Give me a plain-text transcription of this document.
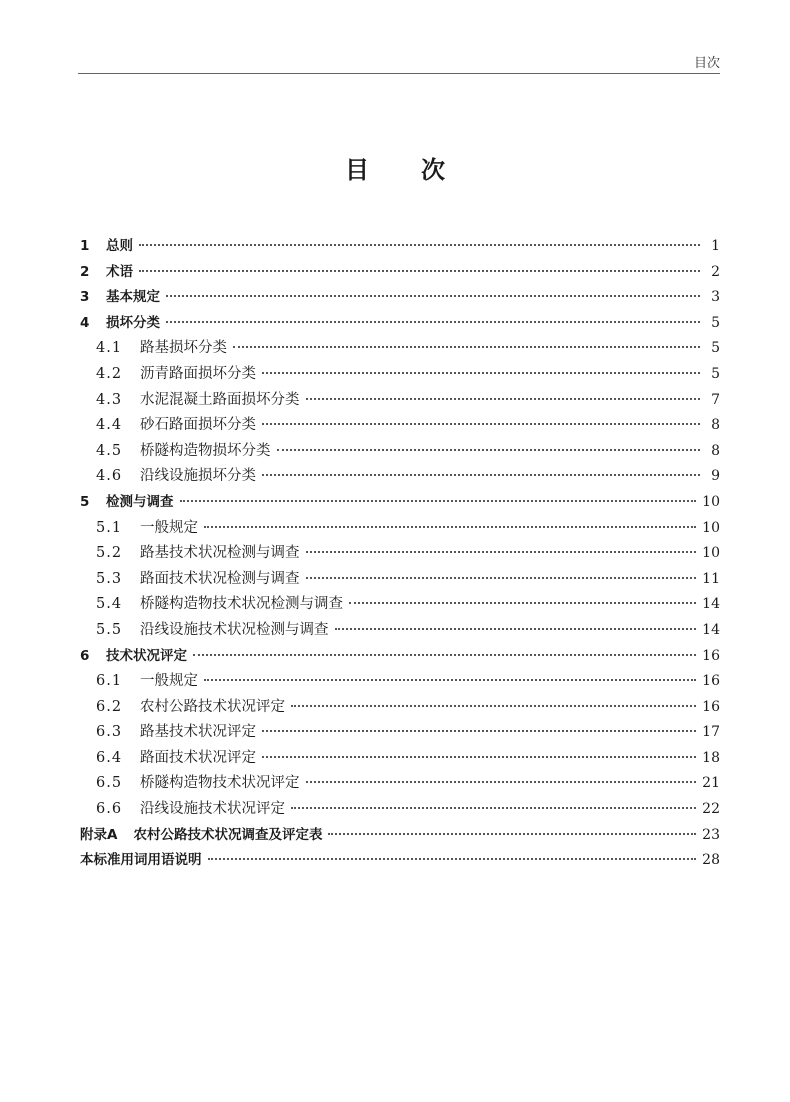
目次
目次
1	总则	1
2	术语	2
3	基本规定	3
4	损坏分类	5
4.1	路基损坏分类	5
4.2	沥青路面损坏分类	5
4.3	水泥混凝土路面损坏分类	7
4.4	砂石路面损坏分类	8
4.5	桥隧构造物损坏分类	8
4.6	沿线设施损坏分类	9
5	检测与调查	10
5.1	一般规定	10
5.2	路基技术状况检测与调查	10
5.3	路面技术状况检测与调查	11
5.4	桥隧构造物技术状况检测与调查	14
5.5	沿线设施技术状况检测与调查	14
6	技术状况评定	16
6.1	一般规定	16
6.2	农村公路技术状况评定	16
6.3	路基技术状况评定	17
6.4	路面技术状况评定	18
6.5	桥隧构造物技术状况评定	21
6.6	沿线设施技术状况评定	22
附录A 农村公路技术状况调查及评定表	23
本标准用词用语说明	28
